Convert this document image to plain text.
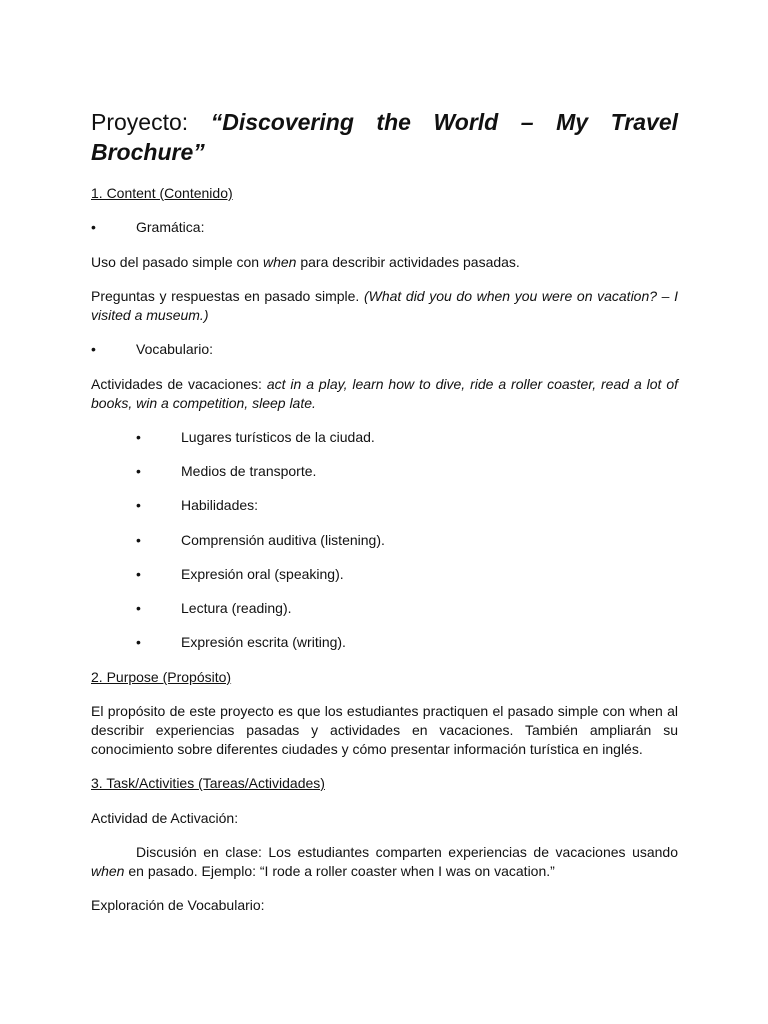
Proyecto: “Discovering the World – My Travel Brochure”

1. Content (Contenido)

•	Gramática:

Uso del pasado simple con when para describir actividades pasadas.

Preguntas y respuestas en pasado simple. (What did you do when you were on vacation? – I visited a museum.)

•	Vocabulario:

Actividades de vacaciones: act in a play, learn how to dive, ride a roller coaster, read a lot of books, win a competition, sleep late.

•	Lugares turísticos de la ciudad.
•	Medios de transporte.
•	Habilidades:
•	Comprensión auditiva (listening).
•	Expresión oral (speaking).
•	Lectura (reading).
•	Expresión escrita (writing).

2. Purpose (Propósito)

El propósito de este proyecto es que los estudiantes practiquen el pasado simple con when al describir experiencias pasadas y actividades en vacaciones. También ampliarán su conocimiento sobre diferentes ciudades y cómo presentar información turística en inglés.

3. Task/Activities (Tareas/Actividades)

Actividad de Activación:

Discusión en clase: Los estudiantes comparten experiencias de vacaciones usando when en pasado. Ejemplo: “I rode a roller coaster when I was on vacation.”

Exploración de Vocabulario:
